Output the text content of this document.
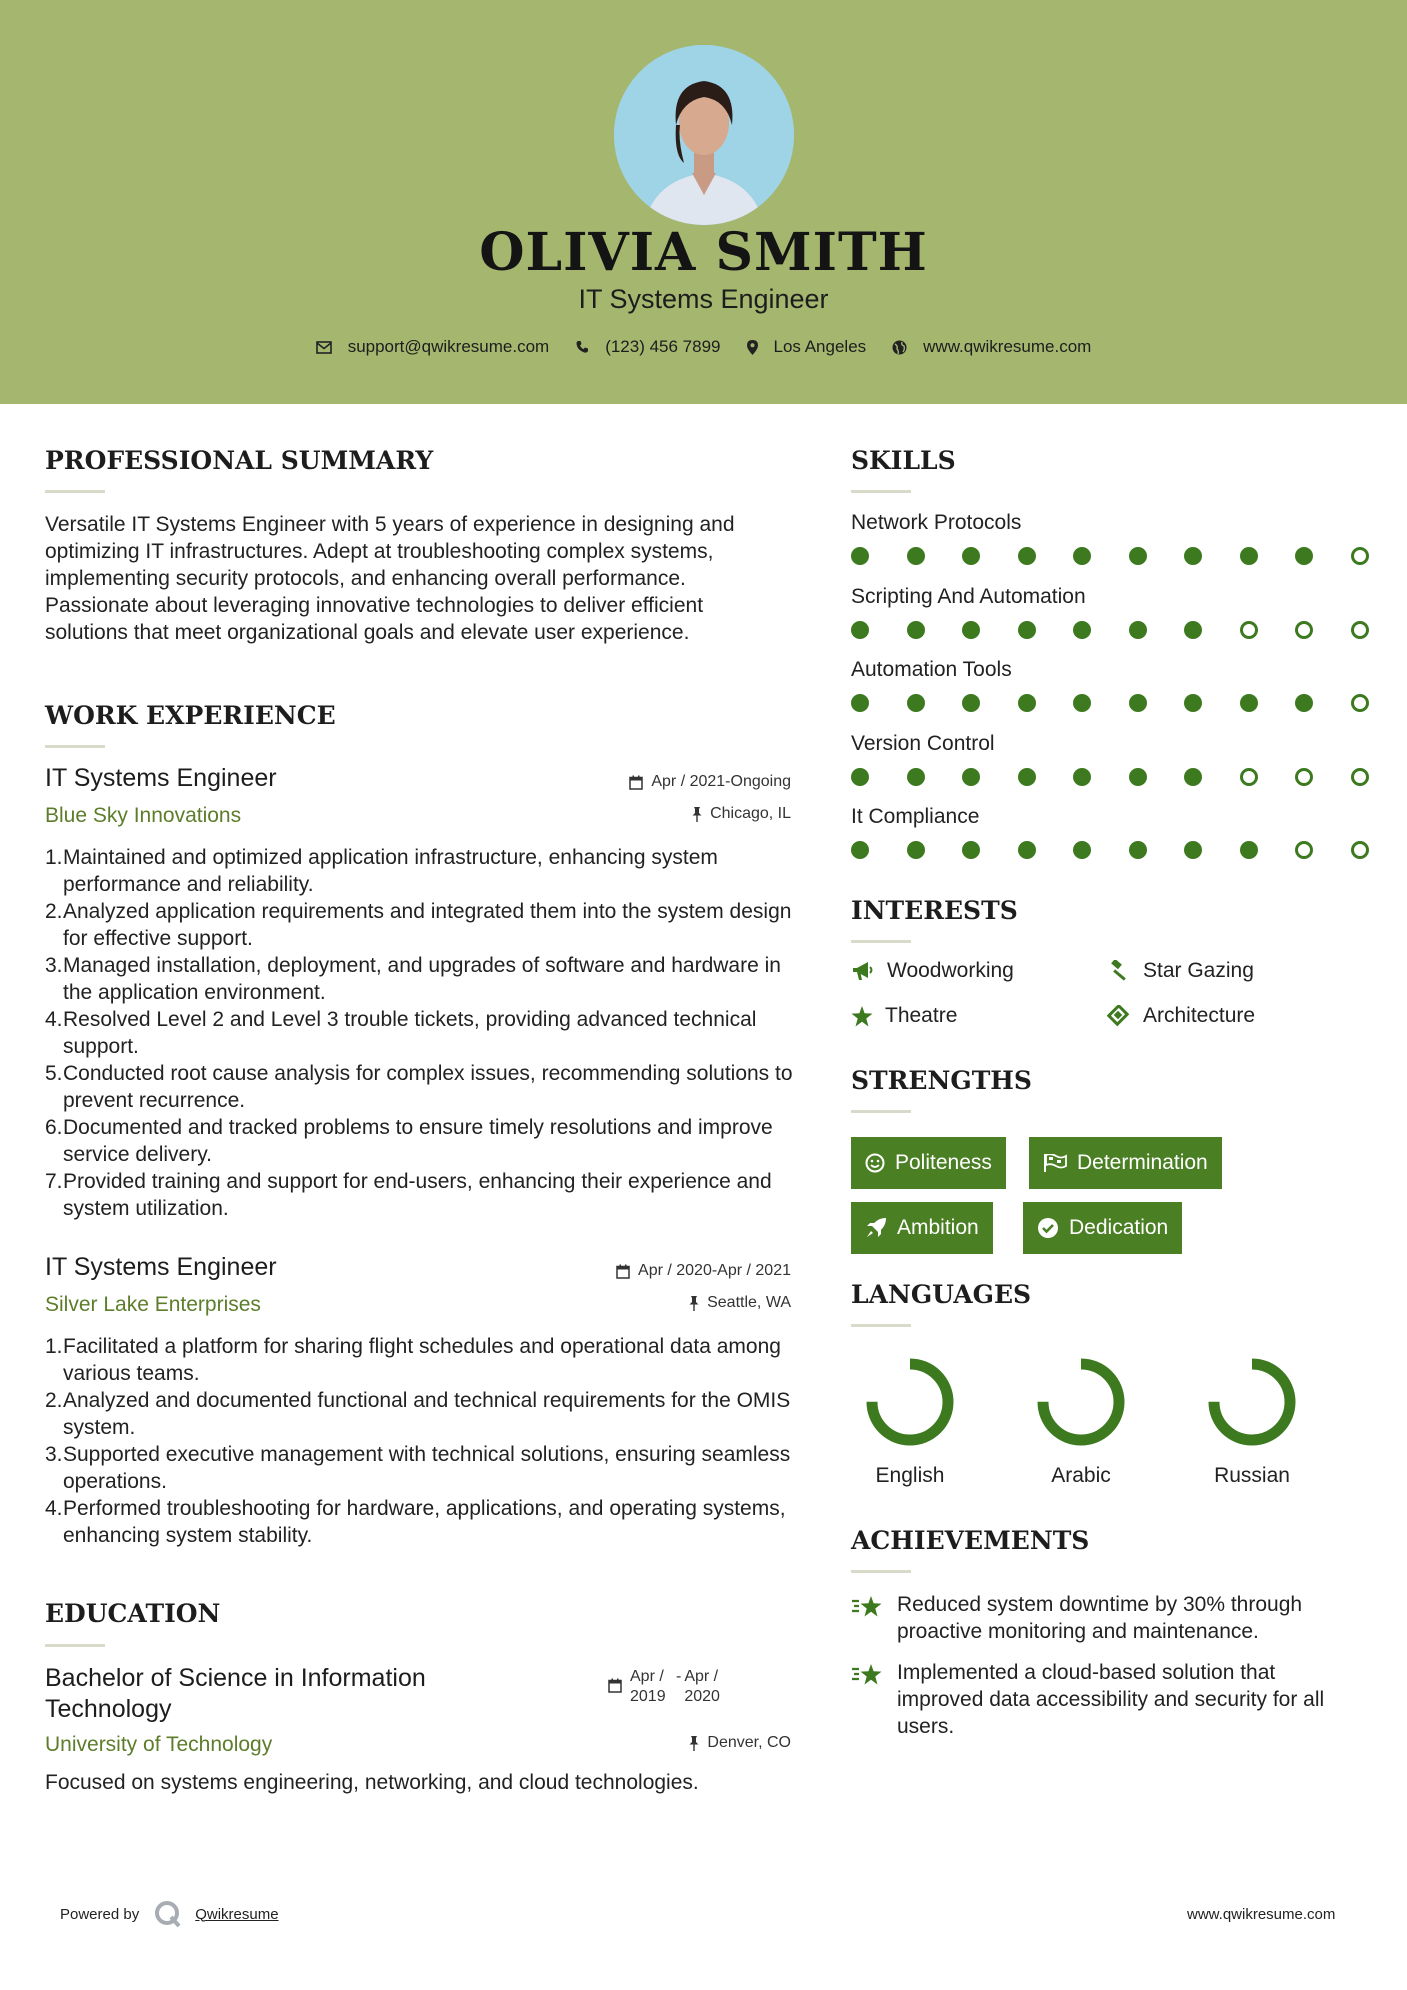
OLIVIA SMITH
IT Systems Engineer
support@qwikresume.com	(123) 456 7899	Los Angeles	www.qwikresume.com
PROFESSIONAL SUMMARY
Versatile IT Systems Engineer with 5 years of experience in designing and optimizing IT infrastructures. Adept at troubleshooting complex systems, implementing security protocols, and enhancing overall performance. Passionate about leveraging innovative technologies to deliver efficient solutions that meet organizational goals and elevate user experience.
WORK EXPERIENCE
IT Systems Engineer
Blue Sky Innovations
Apr / 2021-Ongoing
Chicago, IL
1. Maintained and optimized application infrastructure, enhancing system performance and reliability.
2. Analyzed application requirements and integrated them into the system design for effective support.
3. Managed installation, deployment, and upgrades of software and hardware in the application environment.
4. Resolved Level 2 and Level 3 trouble tickets, providing advanced technical support.
5. Conducted root cause analysis for complex issues, recommending solutions to prevent recurrence.
6. Documented and tracked problems to ensure timely resolutions and improve service delivery.
7. Provided training and support for end-users, enhancing their experience and system utilization.
IT Systems Engineer
Silver Lake Enterprises
Apr / 2020-Apr / 2021
Seattle, WA
1. Facilitated a platform for sharing flight schedules and operational data among various teams.
2. Analyzed and documented functional and technical requirements for the OMIS system.
3. Supported executive management with technical solutions, ensuring seamless operations.
4. Performed troubleshooting for hardware, applications, and operating systems, enhancing system stability.
EDUCATION
Bachelor of Science in Information Technology
University of Technology
Apr / 2019
- Apr / 2020
Denver, CO
Focused on systems engineering, networking, and cloud technologies.
SKILLS
Network Protocols
Scripting And Automation
Automation Tools
Version Control
It Compliance
INTERESTS
Woodworking	Star Gazing
Theatre	Architecture
STRENGTHS
Politeness	Determination
Ambition	Dedication
LANGUAGES
English	Arabic	Russian
ACHIEVEMENTS
Reduced system downtime by 30% through proactive monitoring and maintenance.
Implemented a cloud-based solution that improved data accessibility and security for all users.
Powered by	Qwikresume	www.qwikresume.com
